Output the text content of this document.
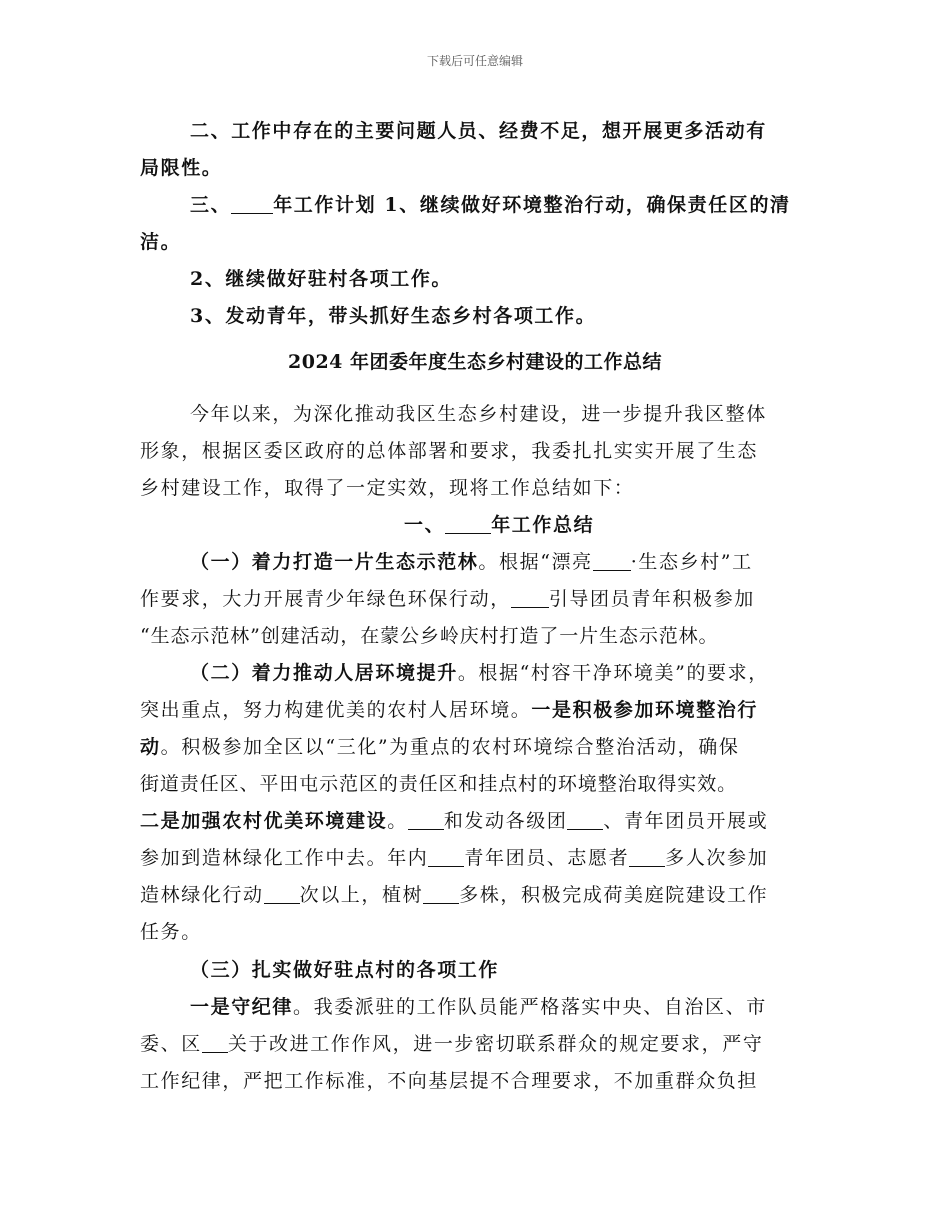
下载后可任意编辑
二、工作中存在的主要问题人员、经费不足，想开展更多活动有
局限性。
三、 年工作计划 1、继续做好环境整治行动，确保责任区的清
洁。
2、继续做好驻村各项工作。
3、发动青年，带头抓好生态乡村各项工作。
2024 年团委年度生态乡村建设的工作总结
今年以来，为深化推动我区生态乡村建设，进一步提升我区整体
形象，根据区委区政府的总体部署和要求，我委扎扎实实开展了生态
乡村建设工作，取得了一定实效，现将工作总结如下：
一、 年工作总结
（一）着力打造一片生态示范林。根据“漂亮 ·生态乡村”工
作要求，大力开展青少年绿色环保行动， 引导团员青年积极参加
“生态示范林”创建活动，在蒙公乡岭庆村打造了一片生态示范林。
（二）着力推动人居环境提升。根据“村容干净环境美”的要求，
突出重点，努力构建优美的农村人居环境。一是积极参加环境整治行
动。积极参加全区以“三化”为重点的农村环境综合整治活动，确保
街道责任区、平田屯示范区的责任区和挂点村的环境整治取得实效。
二是加强农村优美环境建设。 和发动各级团 、青年团员开展或
参加到造林绿化工作中去。年内 青年团员、志愿者 多人次参加
造林绿化行动 次以上，植树 多株，积极完成荷美庭院建设工作
任务。
（三）扎实做好驻点村的各项工作
一是守纪律。我委派驻的工作队员能严格落实中央、自治区、市
委、区 关于改进工作作风，进一步密切联系群众的规定要求，严守
工作纪律，严把工作标准，不向基层提不合理要求，不加重群众负担
